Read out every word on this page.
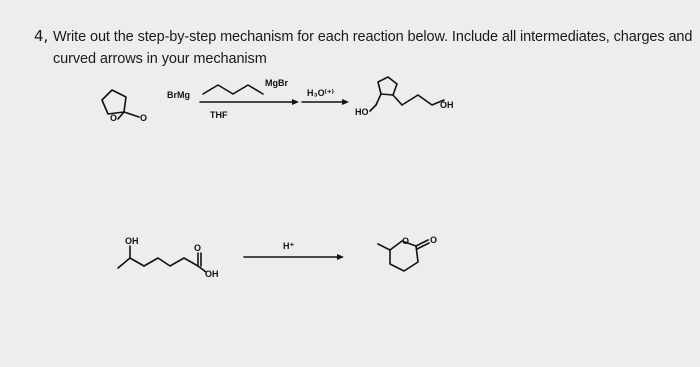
4, Write out the step-by-step mechanism for each reaction below. Include all intermediates, charges and
curved arrows in your mechanism
BrMg
MgBr
THF
H₃O⁽⁺⁾
HO
OH
O	O
OH
O
OH
H⁺	O O
